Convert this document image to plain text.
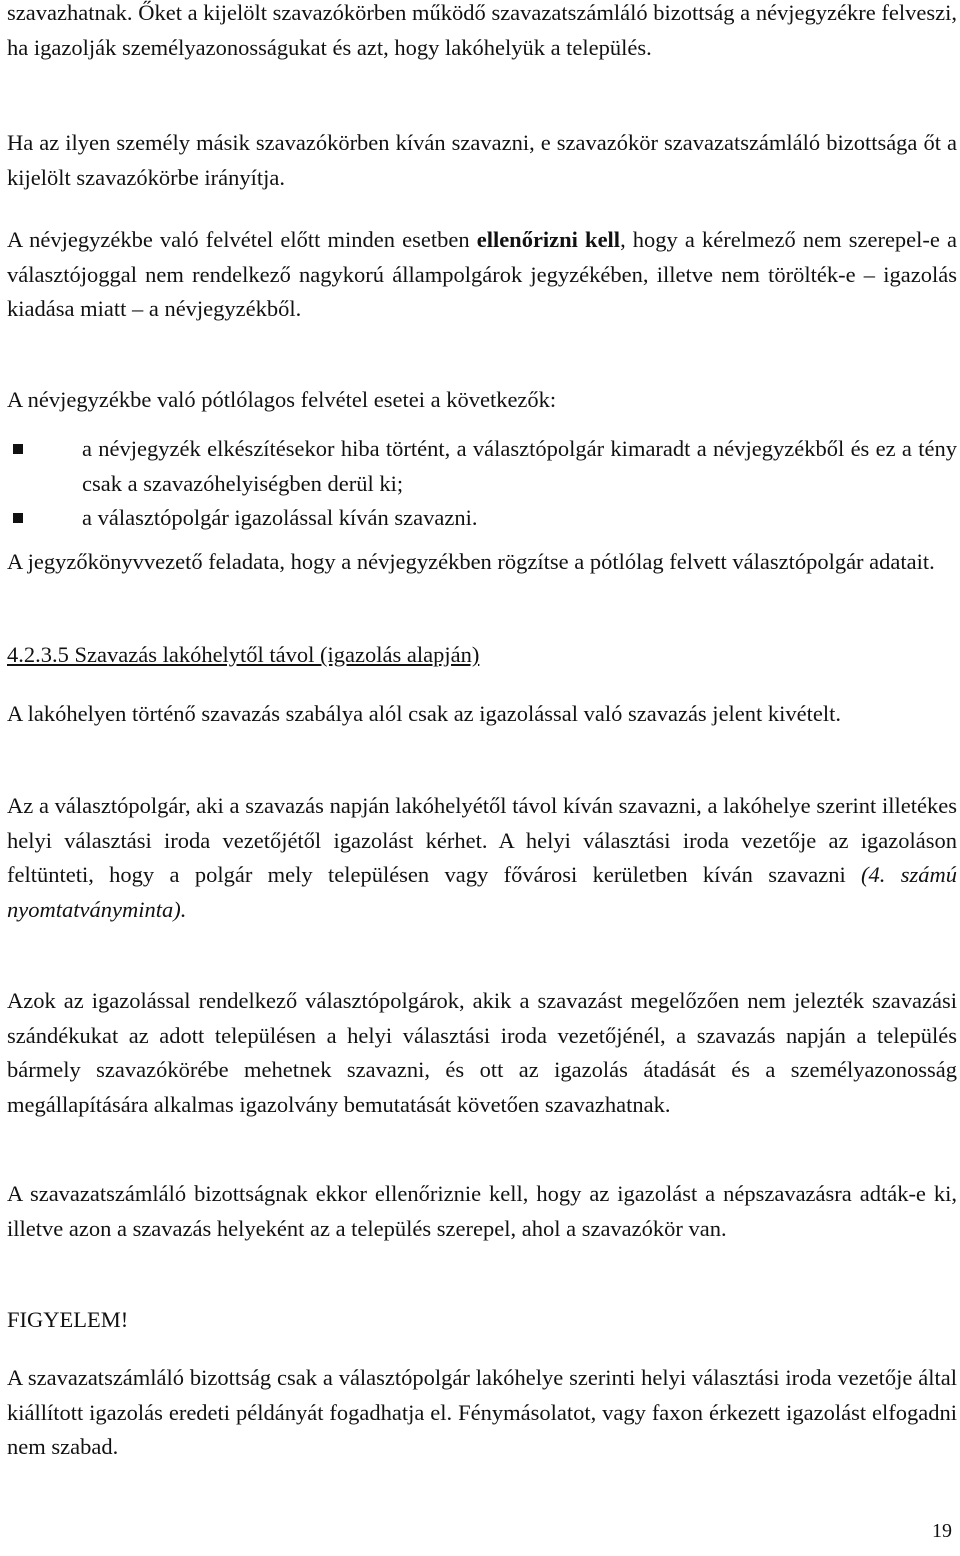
szavazhatnak. Őket a kijelölt szavazókörben működő szavazatszámláló bizottság a névjegyzékre felveszi, ha igazolják személyazonosságukat és azt, hogy lakóhelyük a település.

Ha az ilyen személy másik szavazókörben kíván szavazni, e szavazókör szavazatszámláló bizottsága őt a kijelölt szavazókörbe irányítja.

A névjegyzékbe való felvétel előtt minden esetben ellenőrizni kell, hogy a kérelmező nem szerepel-e a választójoggal nem rendelkező nagykorú állampolgárok jegyzékében, illetve nem törölték-e – igazolás kiadása miatt – a névjegyzékből.

A névjegyzékbe való pótlólagos felvétel esetei a következők:

a névjegyzék elkészítésekor hiba történt, a választópolgár kimaradt a névjegyzékből és ez a tény csak a szavazóhelyiségben derül ki;
a választópolgár igazolással kíván szavazni.

A jegyzőkönyvvezető feladata, hogy a névjegyzékben rögzítse a pótlólag felvett választópolgár adatait.

4.2.3.5 Szavazás lakóhelytől távol (igazolás alapján)

A lakóhelyen történő szavazás szabálya alól csak az igazolással való szavazás jelent kivételt.

Az a választópolgár, aki a szavazás napján lakóhelyétől távol kíván szavazni, a lakóhelye szerint illetékes helyi választási iroda vezetőjétől igazolást kérhet. A helyi választási iroda vezetője az igazoláson feltünteti, hogy a polgár mely településen vagy fővárosi kerületben kíván szavazni (4. számú nyomtatványminta).

Azok az igazolással rendelkező választópolgárok, akik a szavazást megelőzően nem jelezték szavazási szándékukat az adott településen a helyi választási iroda vezetőjénél, a szavazás napján a település bármely szavazókörébe mehetnek szavazni, és ott az igazolás átadását és a személyazonosság megállapítására alkalmas igazolvány bemutatását követően szavazhatnak.

A szavazatszámláló bizottságnak ekkor ellenőriznie kell, hogy az igazolást a népszavazásra adták-e ki, illetve azon a szavazás helyeként az a település szerepel, ahol a szavazókör van.

FIGYELEM!

A szavazatszámláló bizottság csak a választópolgár lakóhelye szerinti helyi választási iroda vezetője által kiállított igazolás eredeti példányát fogadhatja el. Fénymásolatot, vagy faxon érkezett igazolást elfogadni nem szabad.

19
